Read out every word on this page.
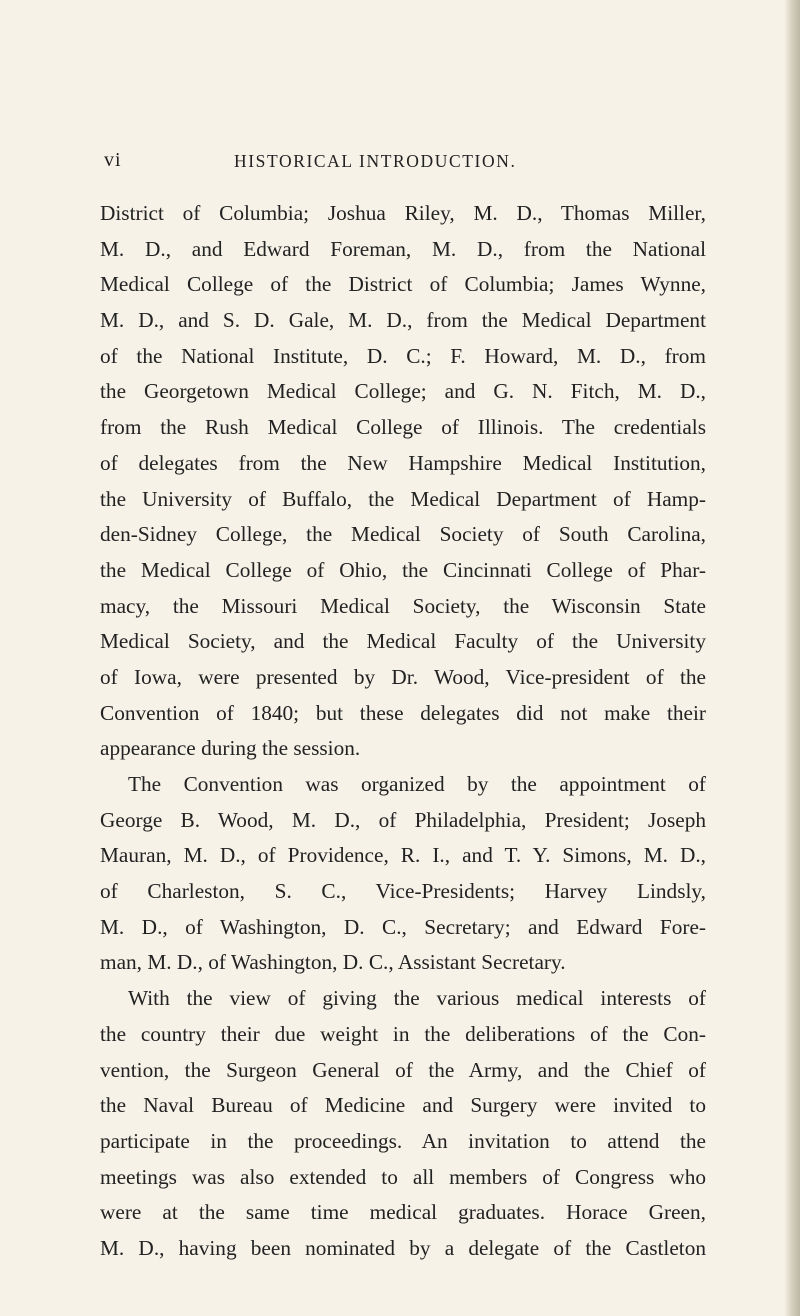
vi	HISTORICAL INTRODUCTION.
District of Columbia; Joshua Riley, M. D., Thomas Miller,
M. D., and Edward Foreman, M. D., from the National
Medical College of the District of Columbia; James Wynne,
M. D., and S. D. Gale, M. D., from the Medical Department
of the National Institute, D. C.; F. Howard, M. D., from
the Georgetown Medical College; and G. N. Fitch, M. D.,
from the Rush Medical College of Illinois. The credentials
of delegates from the New Hampshire Medical Institution,
the University of Buffalo, the Medical Department of Hamp-
den-Sidney College, the Medical Society of South Carolina,
the Medical College of Ohio, the Cincinnati College of Phar-
macy, the Missouri Medical Society, the Wisconsin State
Medical Society, and the Medical Faculty of the University
of Iowa, were presented by Dr. Wood, Vice-president of the
Convention of 1840; but these delegates did not make their
appearance during the session.
The Convention was organized by the appointment of
George B. Wood, M. D., of Philadelphia, President; Joseph
Mauran, M. D., of Providence, R. I., and T. Y. Simons, M. D.,
of Charleston, S. C., Vice-Presidents; Harvey Lindsly,
M. D., of Washington, D. C., Secretary; and Edward Fore-
man, M. D., of Washington, D. C., Assistant Secretary.
With the view of giving the various medical interests of
the country their due weight in the deliberations of the Con-
vention, the Surgeon General of the Army, and the Chief of
the Naval Bureau of Medicine and Surgery were invited to
participate in the proceedings. An invitation to attend the
meetings was also extended to all members of Congress who
were at the same time medical graduates. Horace Green,
M. D., having been nominated by a delegate of the Castleton
